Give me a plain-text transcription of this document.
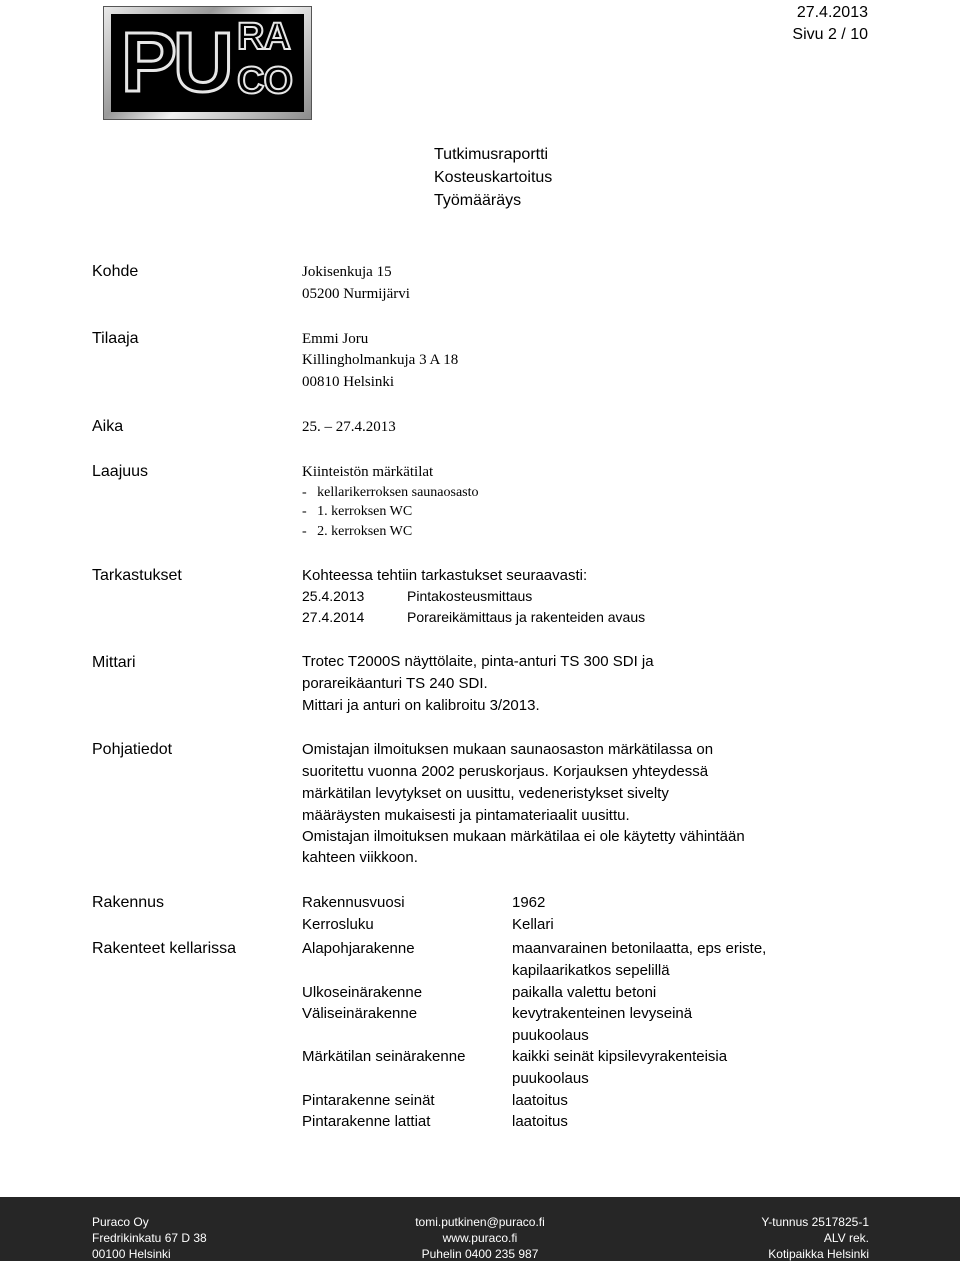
PU RA
CO
27.4.2013
Sivu 2 / 10
Tutkimusraportti
Kosteuskartoitus
Työmääräys
Kohde	Jokisenkuja 15
05200 Nurmijärvi
Tilaaja	Emmi Joru
Killingholmankuja 3 A 18
00810 Helsinki
Aika	25. – 27.4.2013
Laajuus	Kiinteistön märkätilat
-   kellarikerroksen saunaosasto
-   1. kerroksen WC
-   2. kerroksen WC
Tarkastukset	Kohteessa tehtiin tarkastukset seuraavasti:
25.4.2013	Pintakosteusmittaus
27.4.2014	Porareikämittaus ja rakenteiden avaus
Mittari	Trotec T2000S näyttölaite, pinta-anturi TS 300 SDI ja
porareikäanturi TS 240 SDI.
Mittari ja anturi on kalibroitu 3/2013.
Pohjatiedot	Omistajan ilmoituksen mukaan saunaosaston märkätilassa on
suoritettu vuonna 2002 peruskorjaus. Korjauksen yhteydessä
märkätilan levytykset on uusittu, vedeneristykset sivelty
määräysten mukaisesti ja pintamateriaalit uusittu.
Omistajan ilmoituksen mukaan märkätilaa ei ole käytetty vähintään
kahteen viikkoon.
Rakennus	Rakennusvuosi	1962
Kerrosluku	Kellari
Rakenteet kellarissa	Alapohjarakenne	maanvarainen betonilaatta, eps eriste,
kapilaarikatkos sepelillä
Ulkoseinärakenne	paikalla valettu betoni
Väliseinärakenne	kevytrakenteinen levyseinä
puukoolaus
Märkätilan seinärakenne	kaikki seinät kipsilevyrakenteisia
puukoolaus
Pintarakenne seinät	laatoitus
Pintarakenne lattiat	laatoitus
Puraco Oy
Fredrikinkatu 67 D 38
00100 Helsinki
tomi.putkinen@puraco.fi
www.puraco.fi
Puhelin 0400 235 987
Y-tunnus 2517825-1
ALV rek.
Kotipaikka Helsinki
